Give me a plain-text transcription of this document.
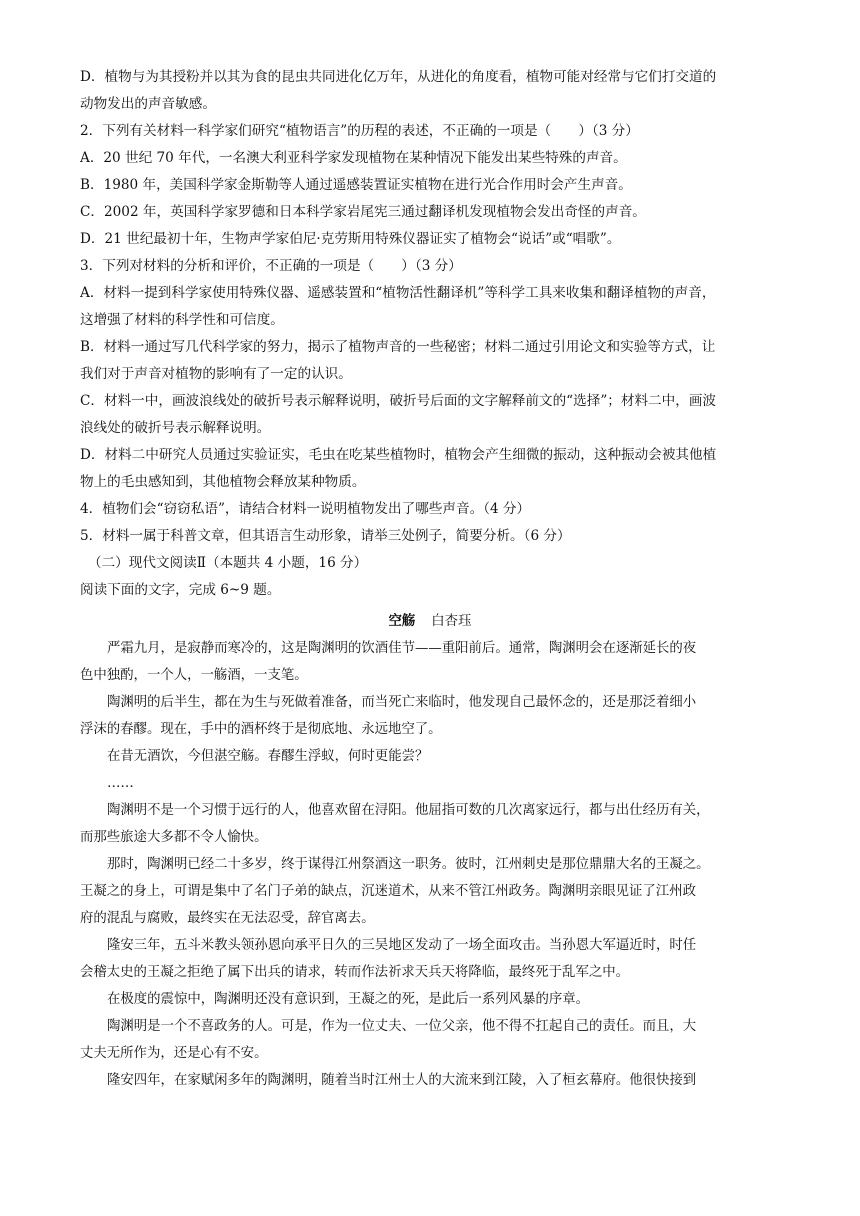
D．植物与为其授粉并以其为食的昆虫共同进化亿万年，从进化的角度看，植物可能对经常与它们打交道的
动物发出的声音敏感。
2．下列有关材料一科学家们研究“植物语言”的历程的表述，不正确的一项是（　　）（3 分）
A．20 世纪 70 年代，一名澳大利亚科学家发现植物在某种情况下能发出某些特殊的声音。
B．1980 年，美国科学家金斯勒等人通过遥感装置证实植物在进行光合作用时会产生声音。
C．2002 年，英国科学家罗德和日本科学家岩尾宪三通过翻译机发现植物会发出奇怪的声音。
D．21 世纪最初十年，生物声学家伯尼·克劳斯用特殊仪器证实了植物会“说话”或“唱歌”。
3．下列对材料的分析和评价，不正确的一项是（　　）（3 分）
A．材料一提到科学家使用特殊仪器、遥感装置和“植物活性翻译机”等科学工具来收集和翻译植物的声音，
这增强了材料的科学性和可信度。
B．材料一通过写几代科学家的努力，揭示了植物声音的一些秘密；材料二通过引用论文和实验等方式，让
我们对于声音对植物的影响有了一定的认识。
C．材料一中，画波浪线处的破折号表示解释说明，破折号后面的文字解释前文的“选择”；材料二中，画波
浪线处的破折号表示解释说明。
D．材料二中研究人员通过实验证实，毛虫在吃某些植物时，植物会产生细微的振动，这种振动会被其他植
物上的毛虫感知到，其他植物会释放某种物质。
4．植物们会“窃窃私语”，请结合材料一说明植物发出了哪些声音。（4 分）
5．材料一属于科普文章，但其语言生动形象，请举三处例子，简要分析。（6 分）
（二）现代文阅读Ⅱ（本题共 4 小题，16 分）
阅读下面的文字，完成 6~9 题。
空觞 白杏珏
严霜九月，是寂静而寒冷的，这是陶渊明的饮酒佳节——重阳前后。通常，陶渊明会在逐渐延长的夜
色中独酌，一个人，一觞酒，一支笔。
陶渊明的后半生，都在为生与死做着准备，而当死亡来临时，他发现自己最怀念的，还是那泛着细小
浮沫的春醪。现在，手中的酒杯终于是彻底地、永远地空了。
在昔无酒饮，今但湛空觞。春醪生浮蚁，何时更能尝？
……
陶渊明不是一个习惯于远行的人，他喜欢留在浔阳。他屈指可数的几次离家远行，都与出仕经历有关，
而那些旅途大多都不令人愉快。
那时，陶渊明已经二十多岁，终于谋得江州祭酒这一职务。彼时，江州刺史是那位鼎鼎大名的王凝之。
王凝之的身上，可谓是集中了名门子弟的缺点，沉迷道术，从来不管江州政务。陶渊明亲眼见证了江州政
府的混乱与腐败，最终实在无法忍受，辞官离去。
隆安三年，五斗米教头领孙恩向承平日久的三吴地区发动了一场全面攻击。当孙恩大军逼近时，时任
会稽太史的王凝之拒绝了属下出兵的请求，转而作法祈求天兵天将降临，最终死于乱军之中。
在极度的震惊中，陶渊明还没有意识到，王凝之的死，是此后一系列风暴的序章。
陶渊明是一个不喜政务的人。可是，作为一位丈夫、一位父亲，他不得不扛起自己的责任。而且，大
丈夫无所作为，还是心有不安。
隆安四年，在家赋闲多年的陶渊明，随着当时江州士人的大流来到江陵，入了桓玄幕府。他很快接到
